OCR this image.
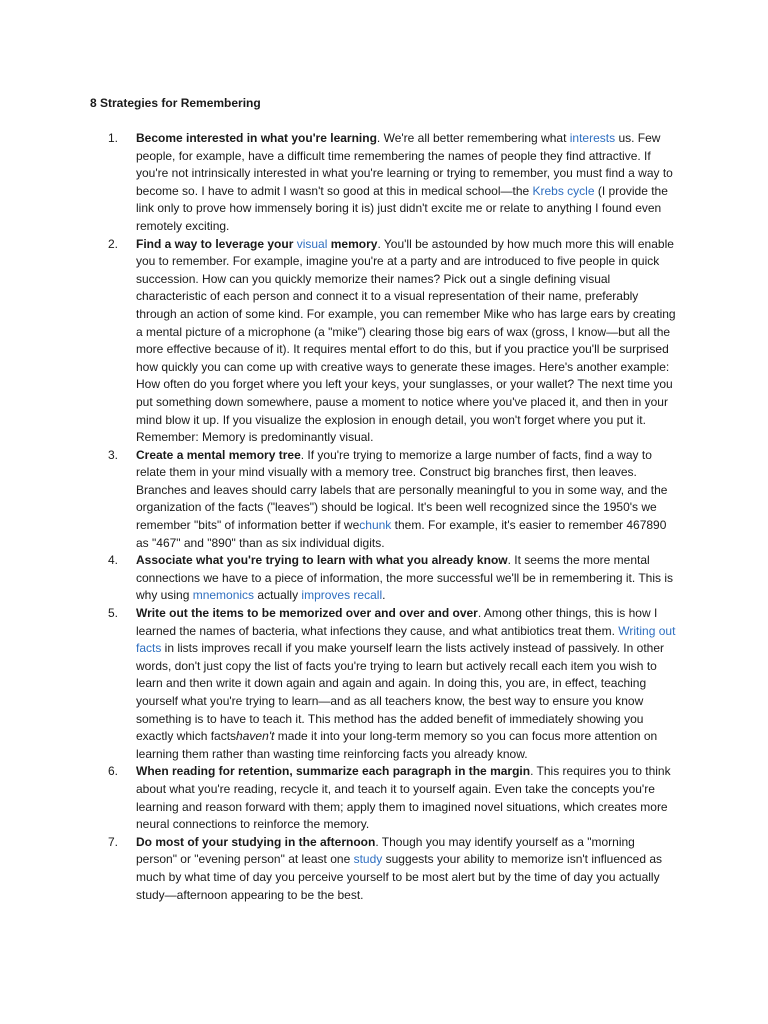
8 Strategies for Remembering
1.	Become interested in what you're learning. We're all better remembering what interests us. Few people, for example, have a difficult time remembering the names of people they find attractive. If you're not intrinsically interested in what you're learning or trying to remember, you must find a way to become so. I have to admit I wasn't so good at this in medical school—the Krebs cycle (I provide the link only to prove how immensely boring it is) just didn't excite me or relate to anything I found even remotely exciting.
2.	Find a way to leverage your visual memory. You'll be astounded by how much more this will enable you to remember. For example, imagine you're at a party and are introduced to five people in quick succession. How can you quickly memorize their names? Pick out a single defining visual characteristic of each person and connect it to a visual representation of their name, preferably through an action of some kind. For example, you can remember Mike who has large ears by creating a mental picture of a microphone (a "mike") clearing those big ears of wax (gross, I know—but all the more effective because of it). It requires mental effort to do this, but if you practice you'll be surprised how quickly you can come up with creative ways to generate these images. Here's another example: How often do you forget where you left your keys, your sunglasses, or your wallet? The next time you put something down somewhere, pause a moment to notice where you've placed it, and then in your mind blow it up. If you visualize the explosion in enough detail, you won't forget where you put it. Remember: Memory is predominantly visual.
3.	Create a mental memory tree. If you're trying to memorize a large number of facts, find a way to relate them in your mind visually with a memory tree. Construct big branches first, then leaves. Branches and leaves should carry labels that are personally meaningful to you in some way, and the organization of the facts ("leaves") should be logical. It's been well recognized since the 1950's we remember "bits" of information better if wechunk them. For example, it's easier to remember 467890 as "467" and "890" than as six individual digits.
4.	Associate what you're trying to learn with what you already know. It seems the more mental connections we have to a piece of information, the more successful we'll be in remembering it. This is why using mnemonics actually improves recall.
5.	Write out the items to be memorized over and over and over. Among other things, this is how I learned the names of bacteria, what infections they cause, and what antibiotics treat them. Writing out facts in lists improves recall if you make yourself learn the lists actively instead of passively. In other words, don't just copy the list of facts you're trying to learn but actively recall each item you wish to learn and then write it down again and again and again. In doing this, you are, in effect, teaching yourself what you're trying to learn—and as all teachers know, the best way to ensure you know something is to have to teach it. This method has the added benefit of immediately showing you exactly which factshaven't made it into your long-term memory so you can focus more attention on learning them rather than wasting time reinforcing facts you already know.
6.	When reading for retention, summarize each paragraph in the margin. This requires you to think about what you're reading, recycle it, and teach it to yourself again. Even take the concepts you're learning and reason forward with them; apply them to imagined novel situations, which creates more neural connections to reinforce the memory.
7.	Do most of your studying in the afternoon. Though you may identify yourself as a "morning person" or "evening person" at least one study suggests your ability to memorize isn't influenced as much by what time of day you perceive yourself to be most alert but by the time of day you actually study—afternoon appearing to be the best.
